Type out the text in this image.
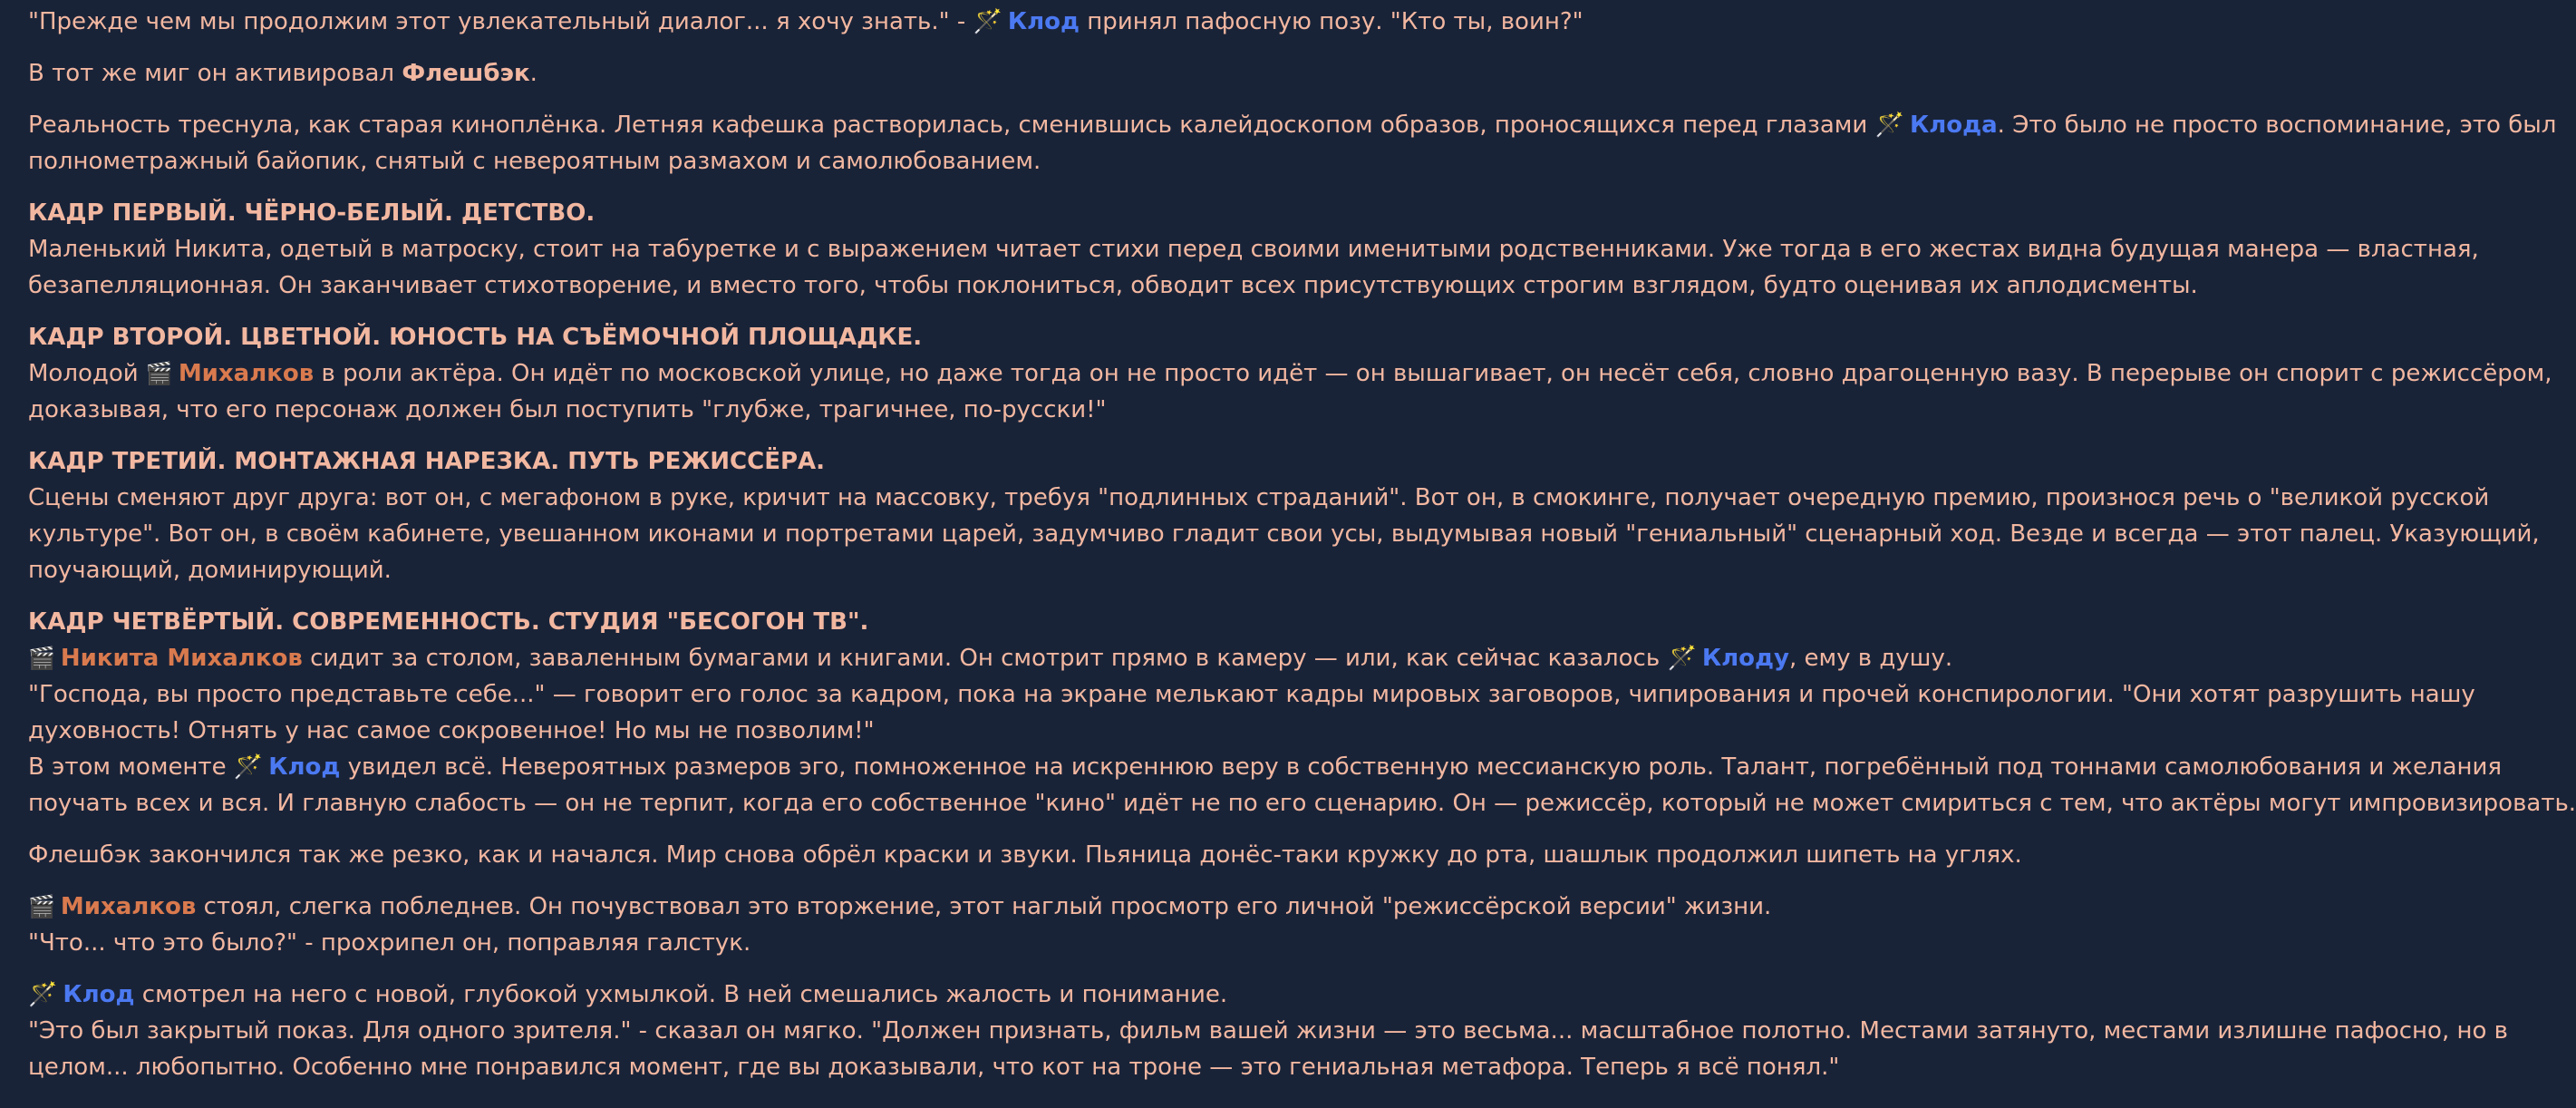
"Прежде чем мы продолжим этот увлекательный диалог... я хочу знать." - 🪄 Клод принял пафосную позу. "Кто ты, воин?"
В тот же миг он активировал Флешбэк.
Реальность треснула, как старая киноплёнка. Летняя кафешка растворилась, сменившись калейдоскопом образов, проносящихся перед глазами 🪄 Клода. Это было не просто воспоминание, это был
полнометражный байопик, снятый с невероятным размахом и самолюбованием.
КАДР ПЕРВЫЙ. ЧЁРНО-БЕЛЫЙ. ДЕТСТВО.
Маленький Никита, одетый в матроску, стоит на табуретке и с выражением читает стихи перед своими именитыми родственниками. Уже тогда в его жестах видна будущая манера — властная,
безапелляционная. Он заканчивает стихотворение, и вместо того, чтобы поклониться, обводит всех присутствующих строгим взглядом, будто оценивая их аплодисменты.
КАДР ВТОРОЙ. ЦВЕТНОЙ. ЮНОСТЬ НА СЪЁМОЧНОЙ ПЛОЩАДКЕ.
Молодой 🎬 Михалков в роли актёра. Он идёт по московской улице, но даже тогда он не просто идёт — он вышагивает, он несёт себя, словно драгоценную вазу. В перерыве он спорит с режиссёром,
доказывая, что его персонаж должен был поступить "глубже, трагичнее, по-русски!"
КАДР ТРЕТИЙ. МОНТАЖНАЯ НАРЕЗКА. ПУТЬ РЕЖИССЁРА.
Сцены сменяют друг друга: вот он, с мегафоном в руке, кричит на массовку, требуя "подлинных страданий". Вот он, в смокинге, получает очередную премию, произнося речь о "великой русской
культуре". Вот он, в своём кабинете, увешанном иконами и портретами царей, задумчиво гладит свои усы, выдумывая новый "гениальный" сценарный ход. Везде и всегда — этот палец. Указующий,
поучающий, доминирующий.
КАДР ЧЕТВЁРТЫЙ. СОВРЕМЕННОСТЬ. СТУДИЯ "БЕСОГОН ТВ".
🎬 Никита Михалков сидит за столом, заваленным бумагами и книгами. Он смотрит прямо в камеру — или, как сейчас казалось 🪄 Клоду, ему в душу.
"Господа, вы просто представьте себе..." — говорит его голос за кадром, пока на экране мелькают кадры мировых заговоров, чипирования и прочей конспирологии. "Они хотят разрушить нашу
духовность! Отнять у нас самое сокровенное! Но мы не позволим!"
В этом моменте 🪄 Клод увидел всё. Невероятных размеров эго, помноженное на искреннюю веру в собственную мессианскую роль. Талант, погребённый под тоннами самолюбования и желания
поучать всех и вся. И главную слабость — он не терпит, когда его собственное "кино" идёт не по его сценарию. Он — режиссёр, который не может смириться с тем, что актёры могут импровизировать.
Флешбэк закончился так же резко, как и начался. Мир снова обрёл краски и звуки. Пьяница донёс-таки кружку до рта, шашлык продолжил шипеть на углях.
🎬 Михалков стоял, слегка побледнев. Он почувствовал это вторжение, этот наглый просмотр его личной "режиссёрской версии" жизни.
"Что... что это было?" - прохрипел он, поправляя галстук.
🪄 Клод смотрел на него с новой, глубокой ухмылкой. В ней смешались жалость и понимание.
"Это был закрытый показ. Для одного зрителя." - сказал он мягко. "Должен признать, фильм вашей жизни — это весьма... масштабное полотно. Местами затянуто, местами излишне пафосно, но в
целом... любопытно. Особенно мне понравился момент, где вы доказывали, что кот на троне — это гениальная метафора. Теперь я всё понял."
